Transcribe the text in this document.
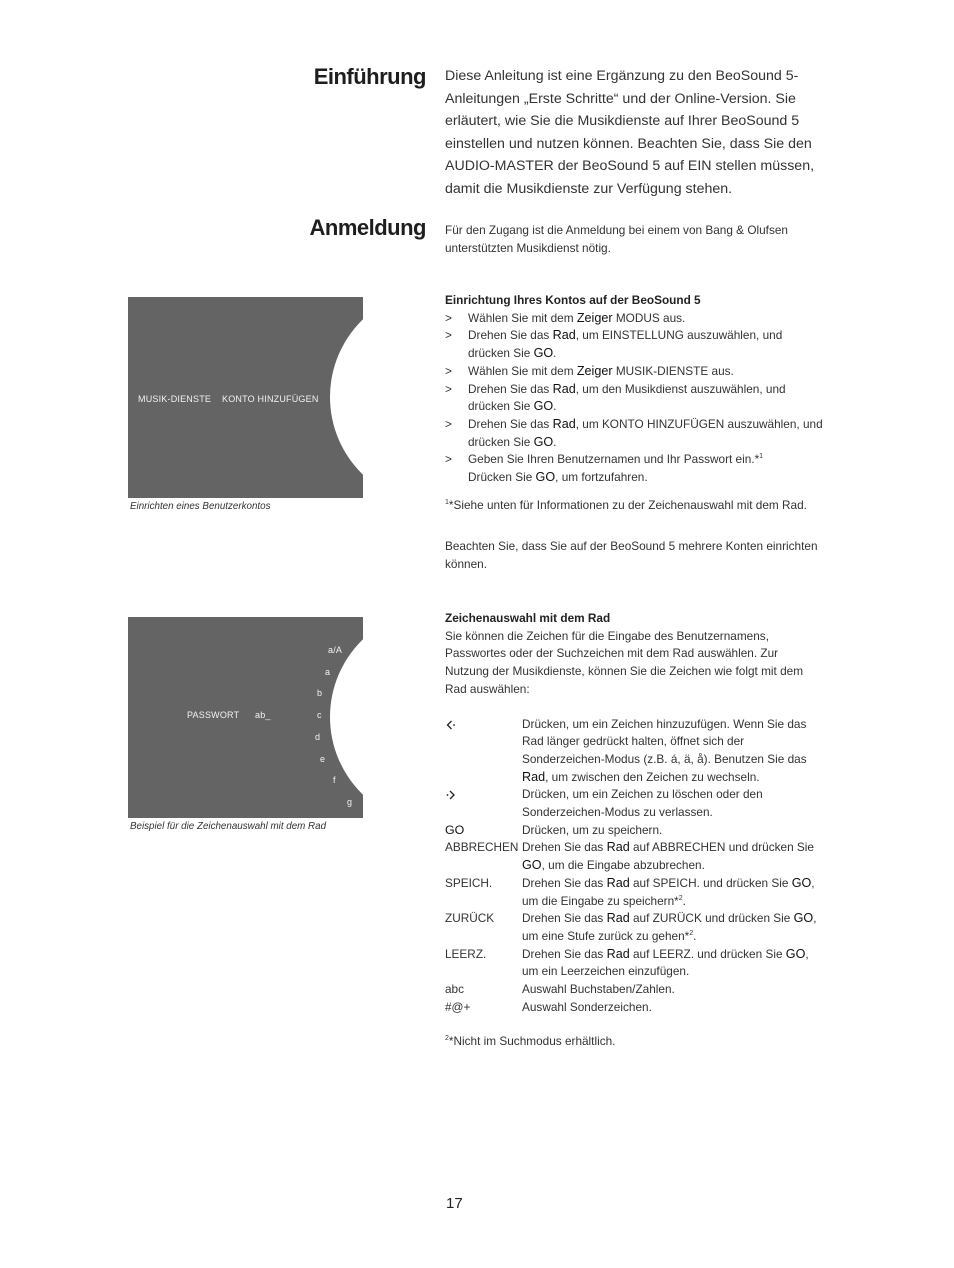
Einführung Diese Anleitung ist eine Ergänzung zu den BeoSound 5-Anleitungen „Erste Schritte“ und der Online-Version. Sie erläutert, wie Sie die Musikdienste auf Ihrer BeoSound 5 einstellen und nutzen können. Beachten Sie, dass Sie den AUDIO-MASTER der BeoSound 5 auf EIN stellen müssen, damit die Musikdienste zur Verfügung stehen.
Anmeldung Für den Zugang ist die Anmeldung bei einem von Bang & Olufsen unterstützten Musikdienst nötig.
MUSIK-DIENSTE KONTO HINZUFÜGEN
Einrichten eines Benutzerkontos
Einrichtung Ihres Kontos auf der BeoSound 5
> Wählen Sie mit dem Zeiger MODUS aus.
> Drehen Sie das Rad, um EINSTELLUNG auszuwählen, und drücken Sie GO.
> Wählen Sie mit dem Zeiger MUSIK-DIENSTE aus.
> Drehen Sie das Rad, um den Musikdienst auszuwählen, und drücken Sie GO.
> Drehen Sie das Rad, um KONTO HINZUFÜGEN auszuwählen, und drücken Sie GO.
> Geben Sie Ihren Benutzernamen und Ihr Passwort ein.*$^1$
Drücken Sie GO, um fortzufahren.
$^1$*Siehe unten für Informationen zu der Zeichenauswahl mit dem Rad.
Beachten Sie, dass Sie auf der BeoSound 5 mehrere Konten einrichten können.
PASSWORT ab_
a/A
a
b
c
d
e
f
g
Beispiel für die Zeichenauswahl mit dem Rad
Zeichenauswahl mit dem Rad
Sie können die Zeichen für die Eingabe des Benutzernamens, Passwortes oder der Suchzeichen mit dem Rad auswählen. Zur Nutzung der Musikdienste, können Sie die Zeichen wie folgt mit dem Rad auswählen:
	Drücken, um ein Zeichen hinzuzufügen. Wenn Sie das Rad länger gedrückt halten, öffnet sich der Sonderzeichen-Modus (z.B. á, ä, å). Benutzen Sie das Rad, um zwischen den Zeichen zu wechseln.
	Drücken, um ein Zeichen zu löschen oder den Sonderzeichen-Modus zu verlassen.
GO	Drücken, um zu speichern.
ABBRECHEN	Drehen Sie das Rad auf ABBRECHEN und drücken Sie GO, um die Eingabe abzubrechen.
SPEICH.	Drehen Sie das Rad auf SPEICH. und drücken Sie GO, um die Eingabe zu speichern*$^2$.
ZURÜCK	Drehen Sie das Rad auf ZURÜCK und drücken Sie GO, um eine Stufe zurück zu gehen*$^2$.
LEERZ.	Drehen Sie das Rad auf LEERZ. und drücken Sie GO, um ein Leerzeichen einzufügen.
abc	Auswahl Buchstaben/Zahlen.
#@+	Auswahl Sonderzeichen.
$^2$*Nicht im Suchmodus erhältlich.
17
